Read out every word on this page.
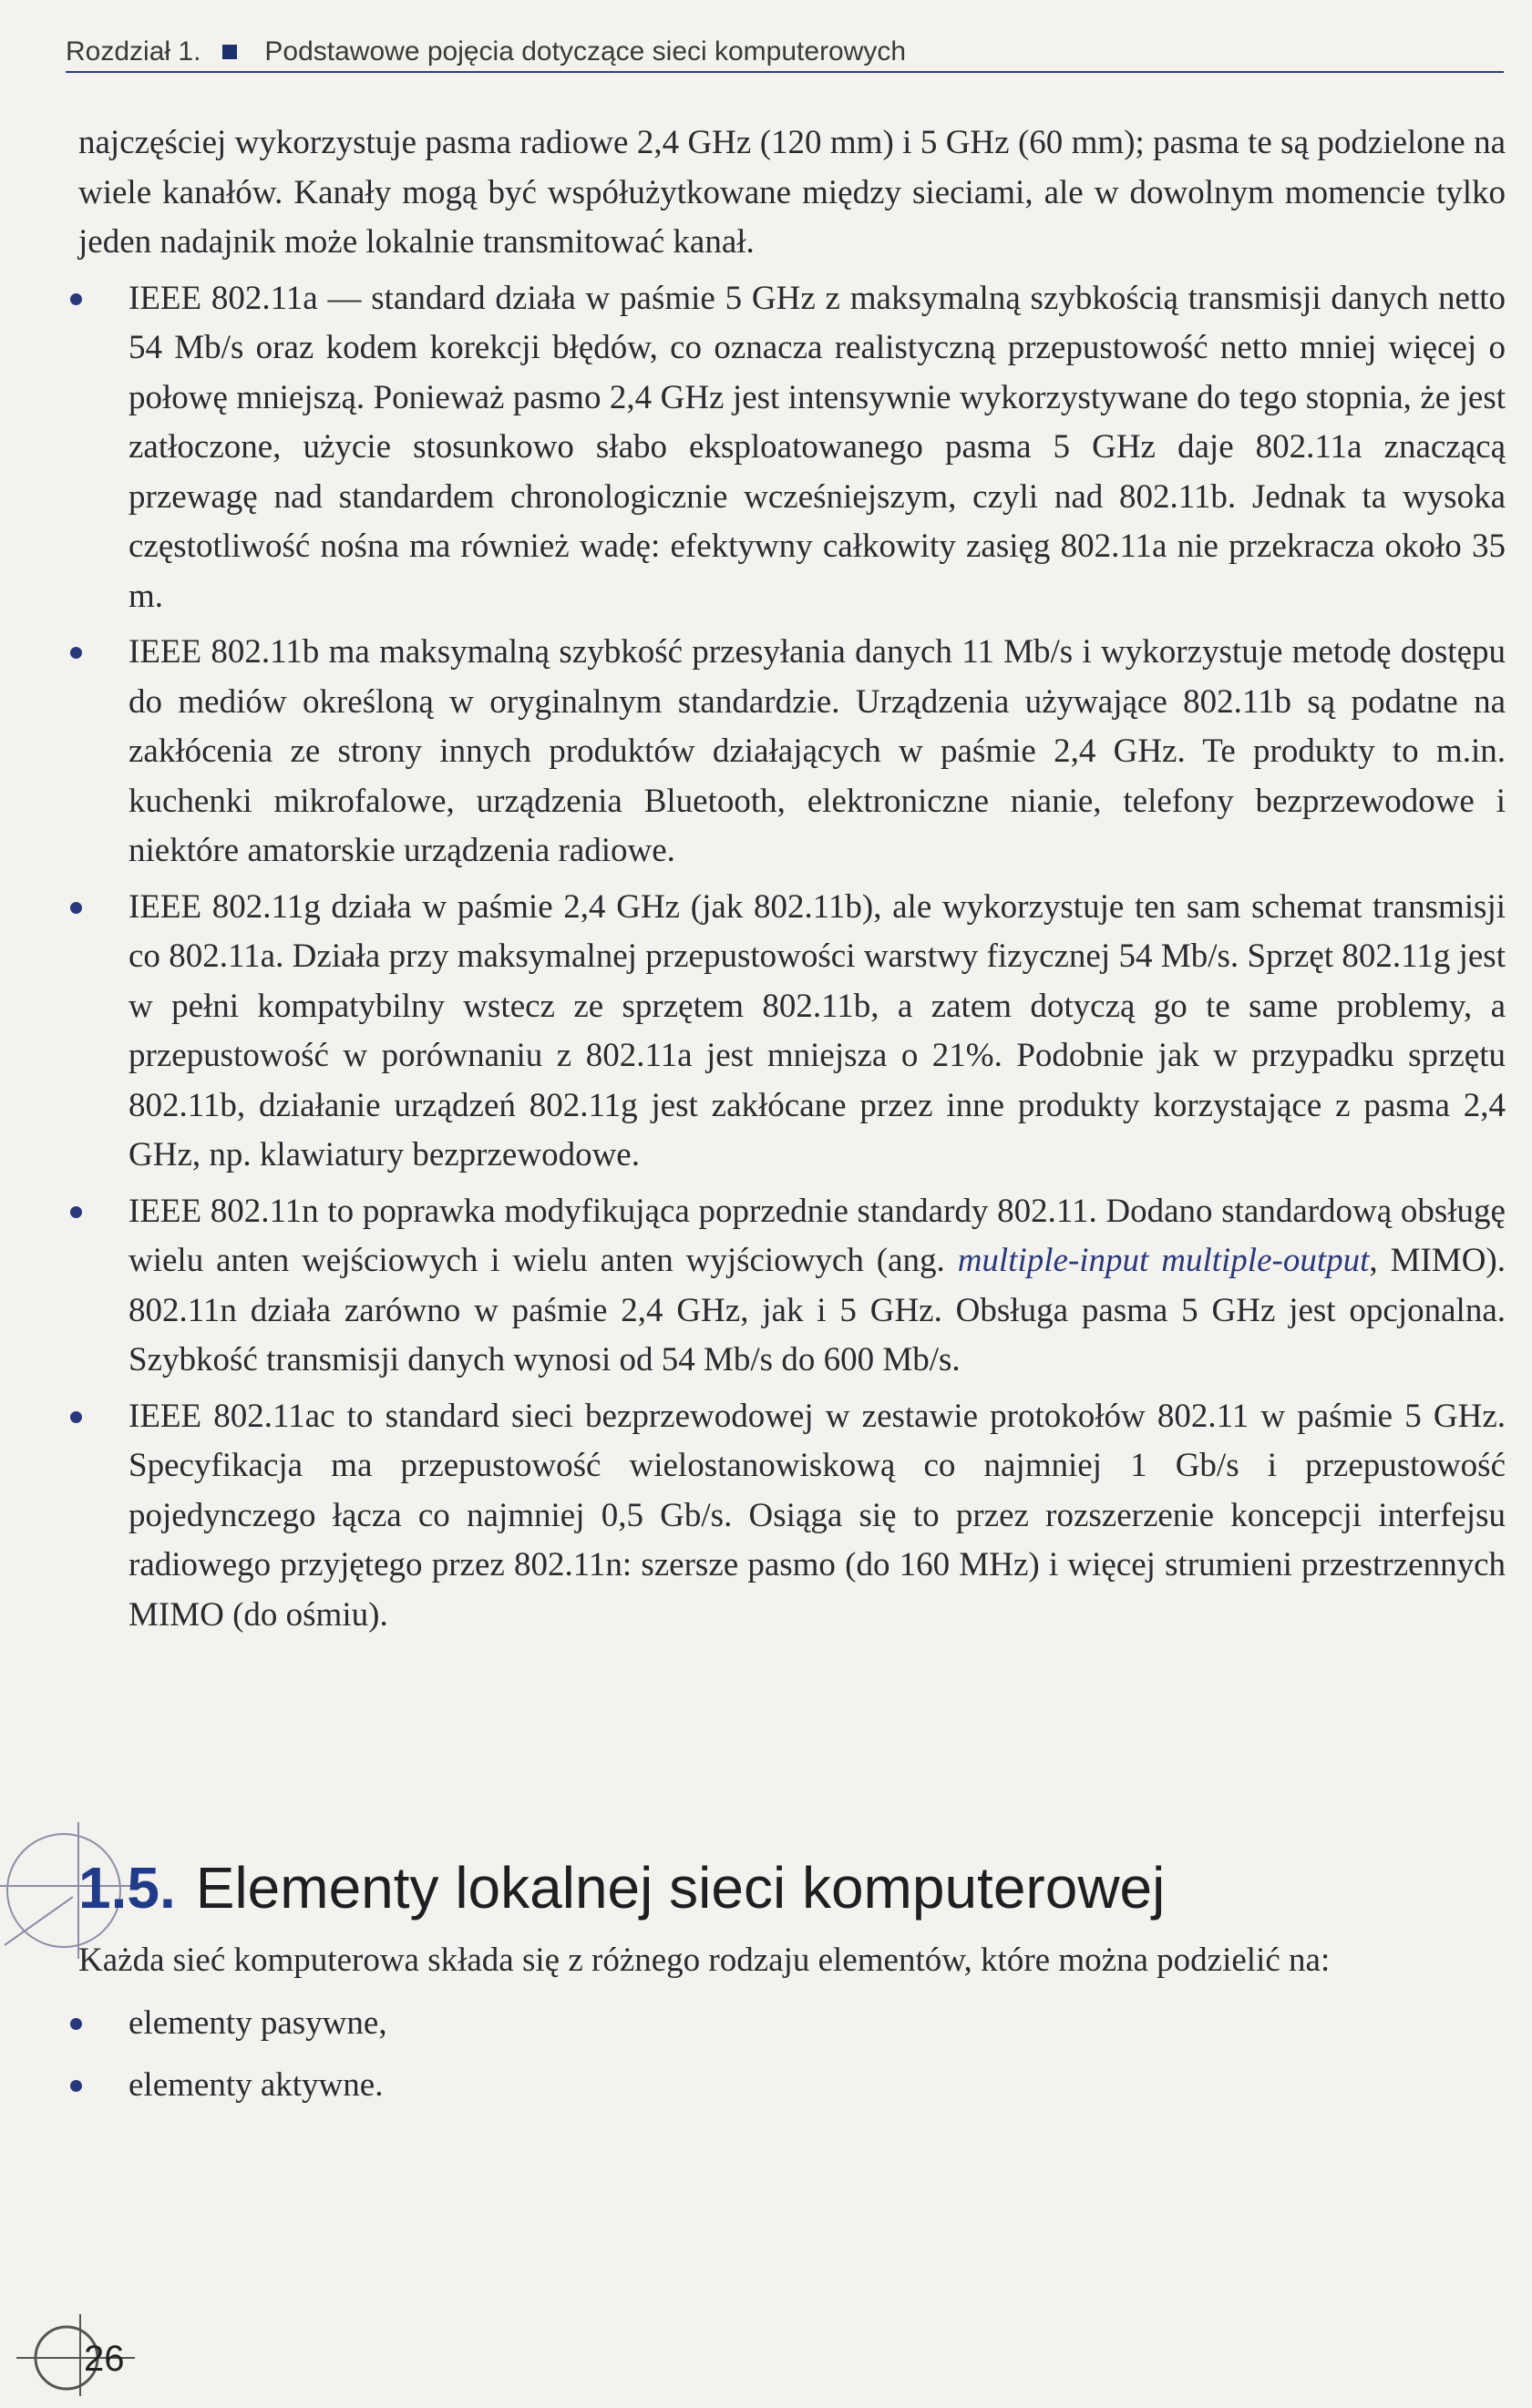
Rozdział 1. Podstawowe pojęcia dotyczące sieci komputerowych

najczęściej wykorzystuje pasma radiowe 2,4 GHz (120 mm) i 5 GHz (60 mm); pasma te są podzielone na wiele kanałów. Kanały mogą być współużytkowane między sieciami, ale w dowolnym momencie tylko jeden nadajnik może lokalnie transmitować kanał.

IEEE 802.11a — standard działa w paśmie 5 GHz z maksymalną szybkością transmisji danych netto 54 Mb/s oraz kodem korekcji błędów, co oznacza realistyczną przepustowość netto mniej więcej o połowę mniejszą. Ponieważ pasmo 2,4 GHz jest intensywnie wykorzystywane do tego stopnia, że jest zatłoczone, użycie stosunkowo słabo eksploatowanego pasma 5 GHz daje 802.11a znaczącą przewagę nad standardem chronologicznie wcześniejszym, czyli nad 802.11b. Jednak ta wysoka częstotliwość nośna ma również wadę: efektywny całkowity zasięg 802.11a nie przekracza około 35 m.
IEEE 802.11b ma maksymalną szybkość przesyłania danych 11 Mb/s i wykorzystuje metodę dostępu do mediów określoną w oryginalnym standardzie. Urządzenia używające 802.11b są podatne na zakłócenia ze strony innych produktów działających w paśmie 2,4 GHz. Te produkty to m.in. kuchenki mikrofalowe, urządzenia Bluetooth, elektroniczne nianie, telefony bezprzewodowe i niektóre amatorskie urządzenia radiowe.
IEEE 802.11g działa w paśmie 2,4 GHz (jak 802.11b), ale wykorzystuje ten sam schemat transmisji co 802.11a. Działa przy maksymalnej przepustowości warstwy fizycznej 54 Mb/s. Sprzęt 802.11g jest w pełni kompatybilny wstecz ze sprzętem 802.11b, a zatem dotyczą go te same problemy, a przepustowość w porównaniu z 802.11a jest mniejsza o 21%. Podobnie jak w przypadku sprzętu 802.11b, działanie urządzeń 802.11g jest zakłócane przez inne produkty korzystające z pasma 2,4 GHz, np. klawiatury bezprzewodowe.
IEEE 802.11n to poprawka modyfikująca poprzednie standardy 802.11. Dodano standardową obsługę wielu anten wejściowych i wielu anten wyjściowych (ang. multiple-input multiple-output, MIMO). 802.11n działa zarówno w paśmie 2,4 GHz, jak i 5 GHz. Obsługa pasma 5 GHz jest opcjonalna. Szybkość transmisji danych wynosi od 54 Mb/s do 600 Mb/s.
IEEE 802.11ac to standard sieci bezprzewodowej w zestawie protokołów 802.11 w paśmie 5 GHz. Specyfikacja ma przepustowość wielostanowiskową co najmniej 1 Gb/s i przepustowość pojedynczego łącza co najmniej 0,5 Gb/s. Osiąga się to przez rozszerzenie koncepcji interfejsu radiowego przyjętego przez 802.11n: szersze pasmo (do 160 MHz) i więcej strumieni przestrzennych MIMO (do ośmiu).
1.5. Elementy lokalnej sieci komputerowej

Każda sieć komputerowa składa się z różnego rodzaju elementów, które można podzielić na:

elementy pasywne,
elementy aktywne.
26
